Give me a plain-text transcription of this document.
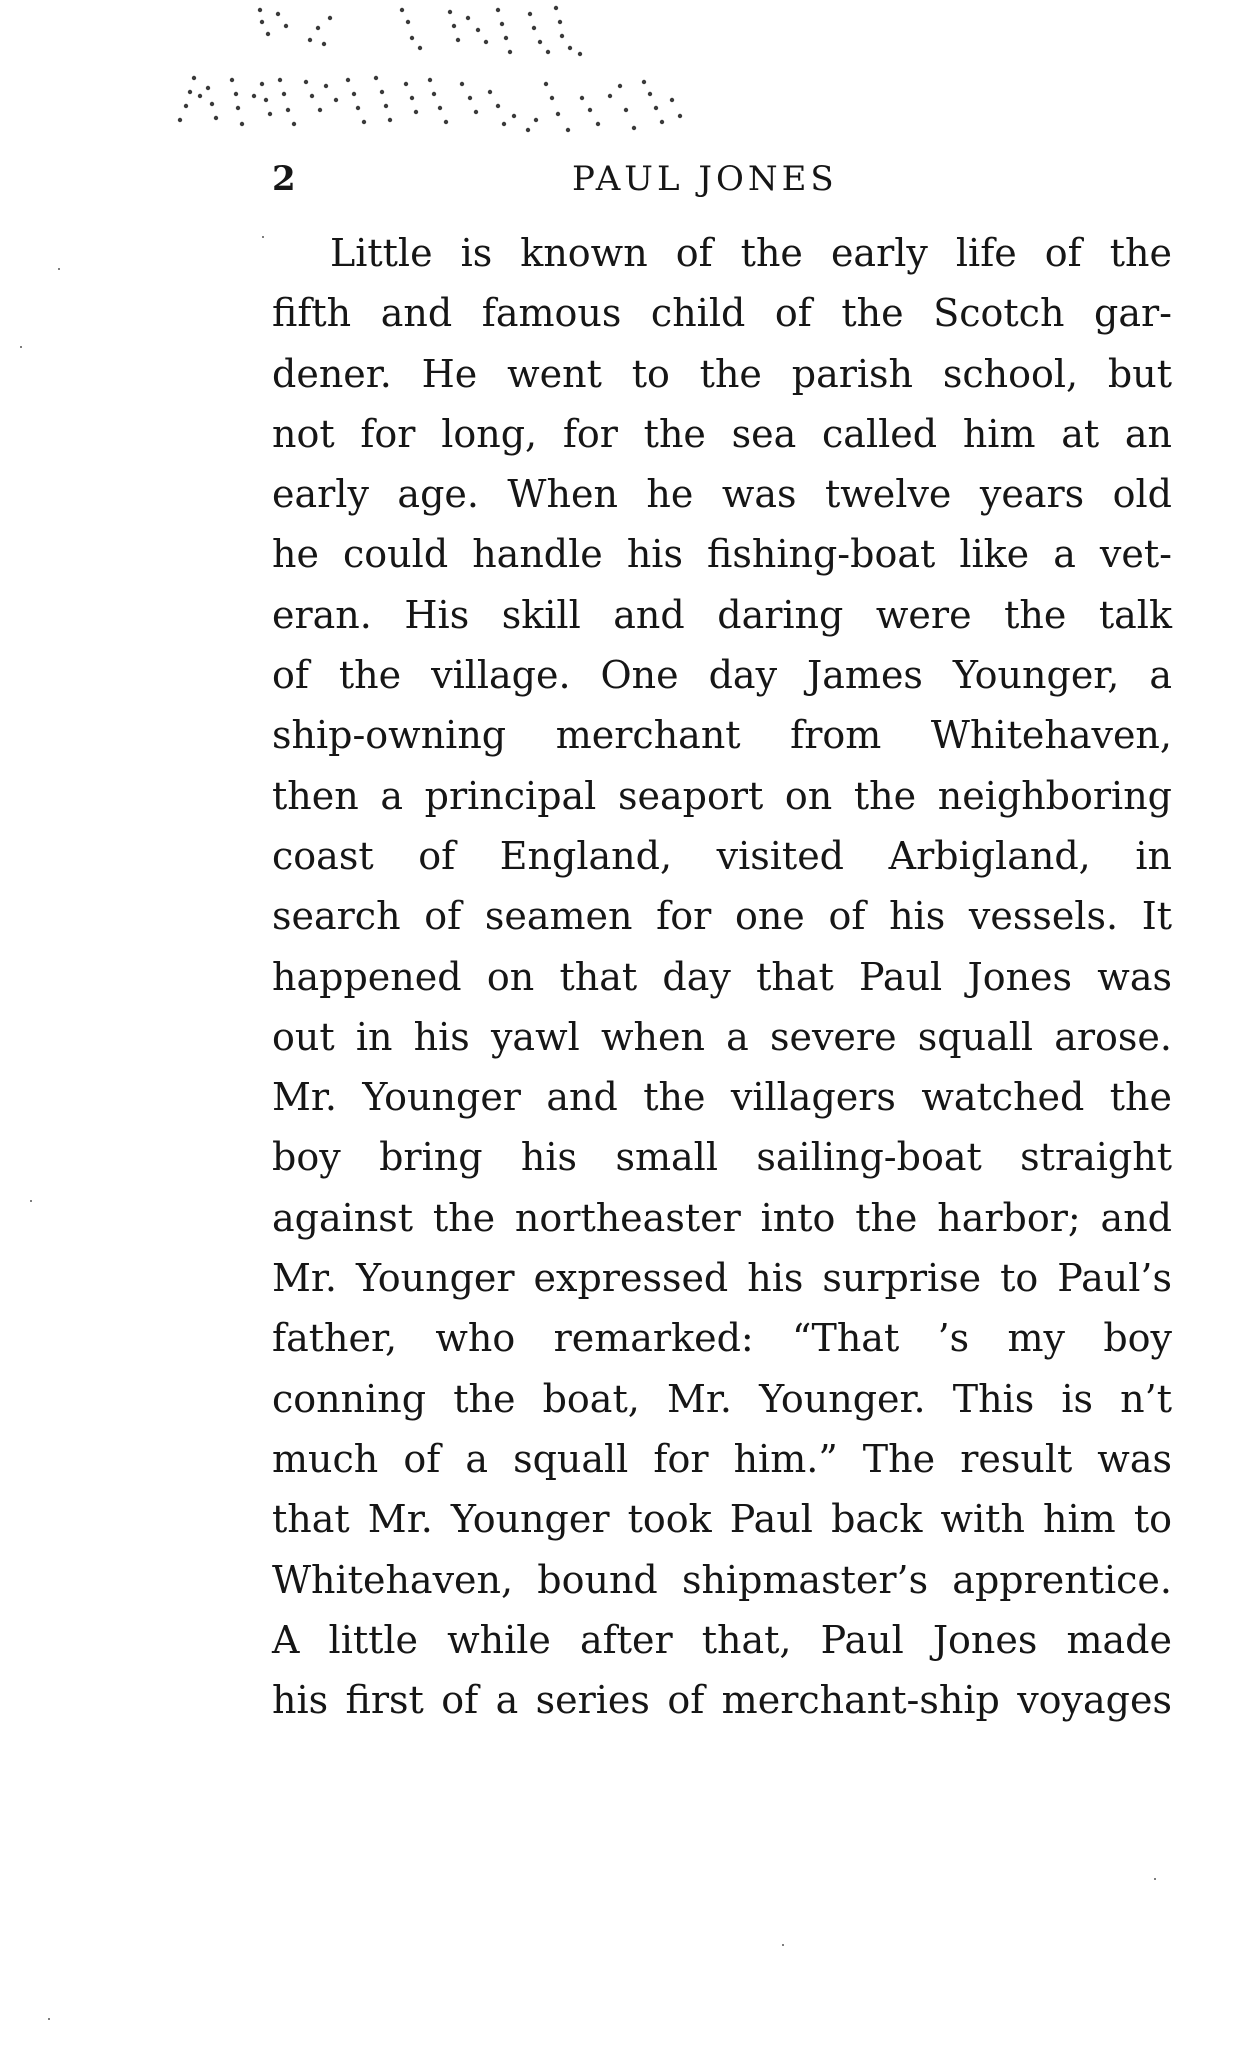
2	PAUL JONES
Little is known of the early life of the
fifth and famous child of the Scotch gar-
dener. He went to the parish school, but
not for long, for the sea called him at an
early age. When he was twelve years old
he could handle his fishing-boat like a vet-
eran. His skill and daring were the talk
of the village. One day James Younger, a
ship-owning merchant from Whitehaven,
then a principal seaport on the neighboring
coast of England, visited Arbigland, in
search of seamen for one of his vessels. It
happened on that day that Paul Jones was
out in his yawl when a severe squall arose.
Mr. Younger and the villagers watched the
boy bring his small sailing-boat straight
against the northeaster into the harbor; and
Mr. Younger expressed his surprise to Paul’s
father, who remarked: “That ’s my boy
conning the boat, Mr. Younger. This is n’t
much of a squall for him.” The result was
that Mr. Younger took Paul back with him to
Whitehaven, bound shipmaster’s apprentice.
A little while after that, Paul Jones made
his first of a series of merchant-ship voyages
